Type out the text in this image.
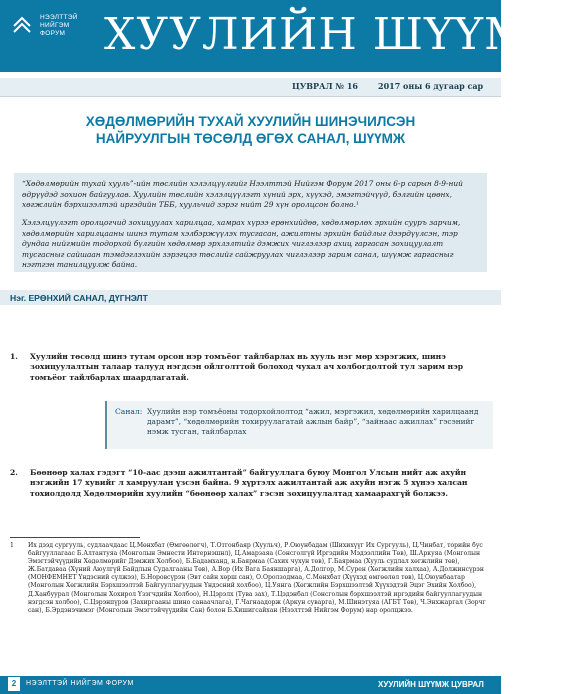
НЭЭЛТТЭЙ
НИЙГЭМ
ФОРУМ ХУУЛИЙН ШҮҮМЖ
ЦУВРАЛ № 16	2017 оны 6 дугаар сар
ХӨДӨЛМӨРИЙН ТУХАЙ ХУУЛИЙН ШИНЭЧИЛСЭН
НАЙРУУЛГЫН ТӨСӨЛД ӨГӨХ САНАЛ, ШҮҮМЖ

“Хөдөлмөрийн тухай хууль”-ийн төслийн хэлэлцүүлгийг Нээлттэй Нийгэм Форум 2017 оны 6-р сарын 8-9-ний өдрүүдэд зохион байгуулав. Хуулийн төслийн хэлэлцүүлэгт хүний эрх, хүүхэд, эмэгтэйчүүд, бэлгийн цөөнх, хөгжлийн бэрхшээлтэй иргэдийн ТББ, хуульчид зэрэг нийт 29 хүн оролцсон болно.¹

Хэлэлцүүлэгт оролцогчид зохицуулах харилцаа, хамрах хүрээ ерөнхийдөө, хөдөлмөрлөх эрхийн сууръ зарчим, хөдөлмөрийн харилцааны шинэ тутам хэлбэржүүлэх тусгасан, ажилтны эрхийн байдлыг дээрдүүлсэн, тэр дундаа нийгмийн тодорхой бүлгийн хөдөлмөр эрхлэлтийг дэмжих чиглэлээр ахиц гаргасан зохицуулалт тусгасныг сайшаан тэмдэглэхийн зэрэгцээ төслийг сайжруулах чиглэлээр зарим санал, шүүмж гаргасныг нэгтгэн танилцуулж байна.

Нэг. ЕРӨНХИЙ САНАЛ, ДҮГНЭЛТ
1. Хуулийн төсөлд шинэ тутам орсон нэр томъёог тайлбарлах нь хууль нэг мөр хэрэгжих, шинэ зохицуулалтын талаар талууд нэгдсэн ойлголттой болоход чухал ач холбогдолтой тул зарим нэр томъёог тайлбарлах шаардлагатай.
Санал: Хуулийн нэр томъёоны тодорхойлолтод “ажил, мэргэжил, хөдөлмөрийн харилцаанд дарамт”, “хөдөлмөрийн тохируулагатай ажлын байр”, “зайнаас ажиллах” гэсэнийг нэмж тусган, тайлбарлах
2. Бөөнөөр халах гэдэгт “10-аас дээш ажилтантай” байгууллага буюу Монгол Улсын нийт аж ахуйн нэгжийн 17 хувийг л хамруулан үзсэн байна. 9 хүртэлх ажилтантай аж ахуйн нэгж 5 хүнээ халсан тохиолдолд Хөдөлмөрийн хуулийн “бөөнөөр халах” гэсэн зохицуулалтад хамаарахгүй болжээ.
1 Их дээд сургууль, судлаачдаас Ц.Мөнхбат (Өмгөөлөгч), Т.Отгонбаяр (Хуульч), Р.Оюунбадам (Шихихүүг Их Сургууль), Ц.Чинбат, торийн бус байгууллагаас Б.Алтантуяа (Монголын Эмнести Интернэшнл), Ц.Амарзаяа (Сонсголгүй Иргэдийн Мэдээллийн Төв), Ш.Аркуяа (Монголын Эмэгтэйчүүдийн Хөдөлмөрийг Дэмжих Холбоо), Б.Бадамханд, н.Баярмаа (Сахих чухун төв), Г.Баярмаа (Хууль судлал хөгжлийн төв), Ж.Батдаваа (Хүний Аюулгүй Байдлын Судалгааны Төв), А.Вор (Их Вага Баяншарга), А.Долгор, М.Сурен (Хөгжлийн халхаа), А.Должинсүрэн (МОНФЕМНЕТ Үндэсний сүлжээ), Б.Норовсүрэн (Эвт сайн хөрш сан), О.Оролзодмаа, С.Мөнхбат (Хүүхэд өмгөөлөл төв), Ц.Оюунбаатар (Монголын Хөгжлийн Бэрхшээлтэй Байгууллагуудын Үндэсний холбоо), Ц.Уянга (Хөгжлийн Бэрхшээлтэй Хүүхэдтэй Эцэг Эхийн Холбоо), Д.Ханбуурал (Монголын Хохирол Үзэгчдийн Холбоо), Н.Цэрэлх (Тува зах), Т.Цэдэнбал (Сонсголын бэрхшээлтэй иргэдийн байгууллагуудын нэгдсэн холбоо), С.Цэрэнпүрэв (Захиргааны шино санаачлага), Г.Чагнаадорж (Аркун суварга), М.Шинэтуяа (АГБТ Төв), Ч.Энхжаргал (Зорчг сан), Б.Эрдэнэчимэг (Монголын Эмэгтэйчүүдийн Сан) болон Б.Хишигсайхан (Нээлттэй Нийгэм Форум) нар оролцжээ.
2	НЭЭЛТТЭЙ НИЙГЭМ ФОРУМ	ХУУЛИЙН ШҮҮМЖ ЦУВРАЛ
